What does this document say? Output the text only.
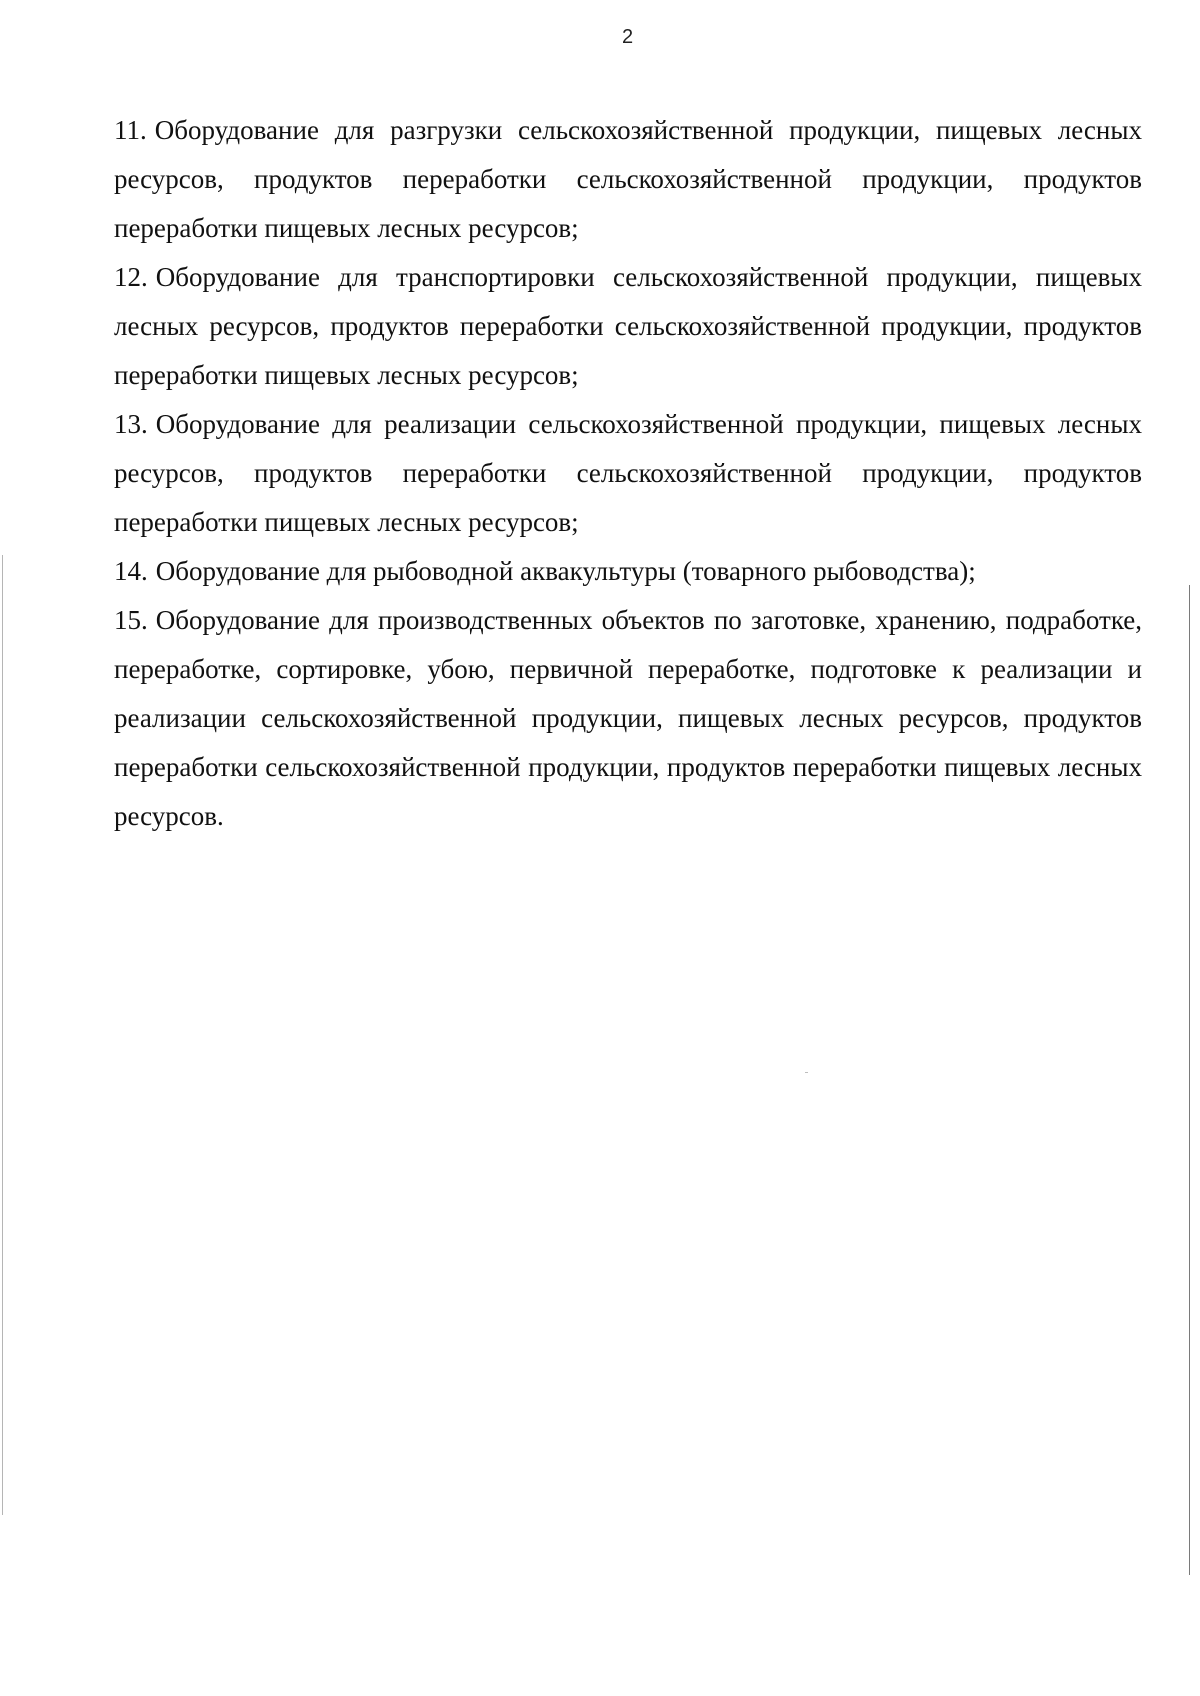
2

11. Оборудование для разгрузки сельскохозяйственной продукции, пищевых лесных ресурсов, продуктов переработки сельскохозяйственной продукции, продуктов переработки пищевых лесных ресурсов;

12. Оборудование для транспортировки сельскохозяйственной продукции, пищевых лесных ресурсов, продуктов переработки сельскохозяйственной продукции, продуктов переработки пищевых лесных ресурсов;

13. Оборудование для реализации сельскохозяйственной продукции, пищевых лесных ресурсов, продуктов переработки сельскохозяйственной продукции, продуктов переработки пищевых лесных ресурсов;

14. Оборудование для рыбоводной аквакультуры (товарного рыбоводства);

15. Оборудование для производственных объектов по заготовке, хранению, подработке, переработке, сортировке, убою, первичной переработке, подготовке к реализации и реализации сельскохозяйственной продукции, пищевых лесных ресурсов, продуктов переработки сельскохозяйственной продукции, продуктов переработки пищевых лесных ресурсов.
